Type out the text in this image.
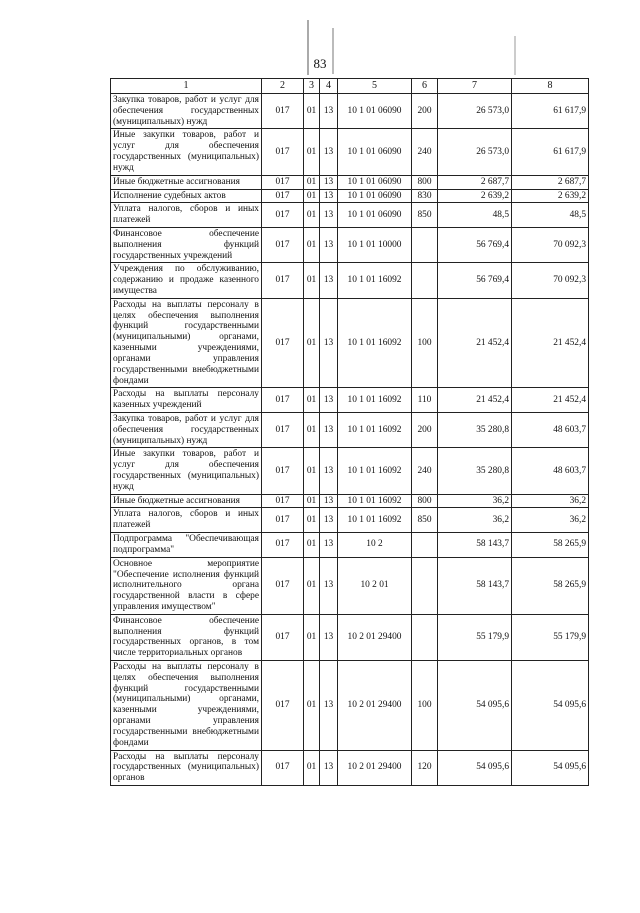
83
1	2	3	4	5	6	7	8
Закупка товаров, работ и услуг для обеспечения государственных (муниципальных) нужд	017	01	13	10 1 01 06090	200	26 573,0	61 617,9
Иные закупки товаров, работ и услуг для обеспечения государственных (муниципальных) нужд	017	01	13	10 1 01 06090	240	26 573,0	61 617,9
Иные бюджетные ассигнования	017	01	13	10 1 01 06090	800	2 687,7	2 687,7
Исполнение судебных актов	017	01	13	10 1 01 06090	830	2 639,2	2 639,2
Уплата налогов, сборов и иных платежей	017	01	13	10 1 01 06090	850	48,5	48,5
Финансовое обеспечение выполнения функций государственных учреждений	017	01	13	10 1 01 10000		56 769,4	70 092,3
Учреждения по обслуживанию, содержанию и продаже казенного имущества	017	01	13	10 1 01 16092		56 769,4	70 092,3
Расходы на выплаты персоналу в целях обеспечения выполнения функций государственными (муниципальными) органами, казенными учреждениями, органами управления государственными внебюджетными фондами	017	01	13	10 1 01 16092	100	21 452,4	21 452,4
Расходы на выплаты персоналу казенных учреждений	017	01	13	10 1 01 16092	110	21 452,4	21 452,4
Закупка товаров, работ и услуг для обеспечения государственных (муниципальных) нужд	017	01	13	10 1 01 16092	200	35 280,8	48 603,7
Иные закупки товаров, работ и услуг для обеспечения государственных (муниципальных) нужд	017	01	13	10 1 01 16092	240	35 280,8	48 603,7
Иные бюджетные ассигнования	017	01	13	10 1 01 16092	800	36,2	36,2
Уплата налогов, сборов и иных платежей	017	01	13	10 1 01 16092	850	36,2	36,2
Подпрограмма "Обеспечивающая подпрограмма"	017	01	13	10 2		58 143,7	58 265,9
Основное мероприятие "Обеспечение исполнения функций исполнительного органа государственной власти в сфере управления имуществом"	017	01	13	10 2 01		58 143,7	58 265,9
Финансовое обеспечение выполнения функций государственных органов, в том числе территориальных органов	017	01	13	10 2 01 29400		55 179,9	55 179,9
Расходы на выплаты персоналу в целях обеспечения выполнения функций государственными (муниципальными) органами, казенными учреждениями, органами управления государственными внебюджетными фондами	017	01	13	10 2 01 29400	100	54 095,6	54 095,6
Расходы на выплаты персоналу государственных (муниципальных) органов	017	01	13	10 2 01 29400	120	54 095,6	54 095,6
